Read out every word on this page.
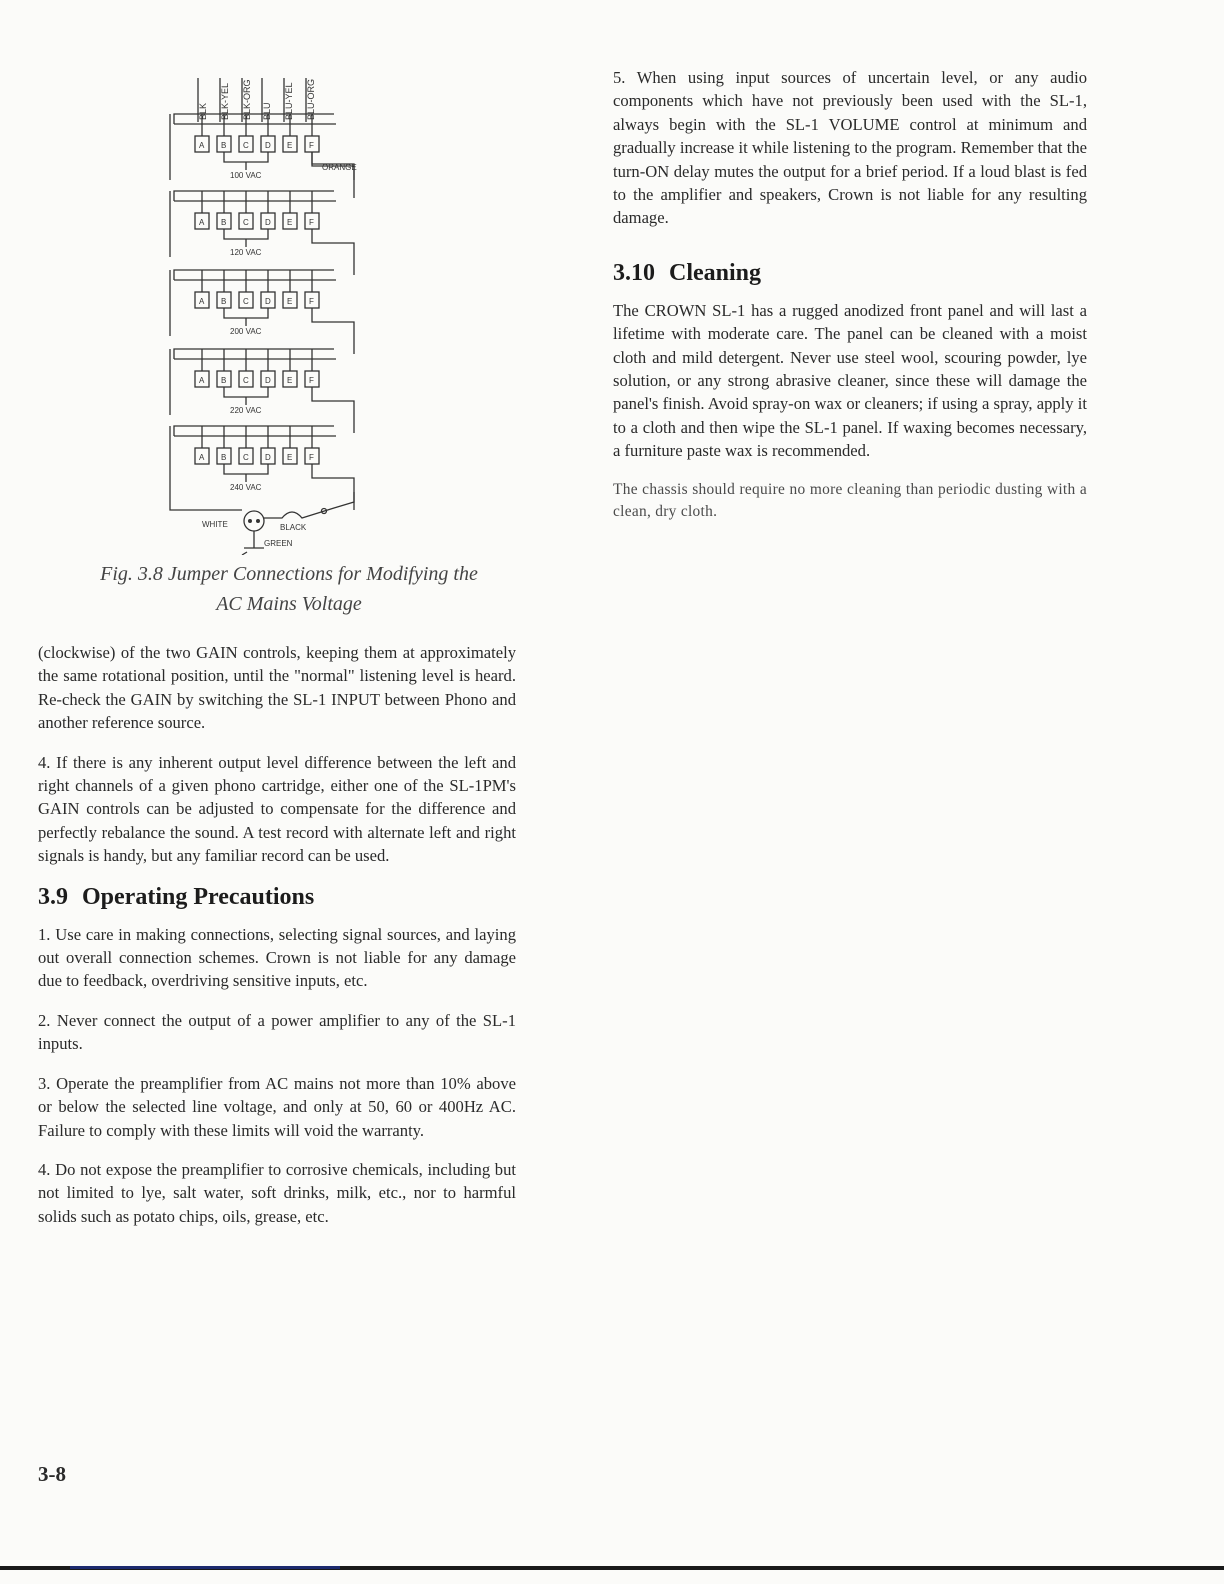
BLK BLK-YEL BLK-ORG BLU BLU-YEL BLU-ORG
A B C D E F
100 VAC
A B C D E F
120 VAC
A B C D E F
200 VAC
A B C D E F
220 VAC
A B C D E F
240 VAC
ORANGE
WHITE	BLACK
GREEN
Fig. 3.8 Jumper Connections for Modifying the
AC Mains Voltage

(clockwise) of the two GAIN controls, keeping them at approximately the same rotational position, until the "normal" listening level is heard. Re-check the GAIN by switching the SL-1 INPUT between Phono and another reference source.

4. If there is any inherent output level difference between the left and right channels of a given phono cartridge, either one of the SL-1PM's GAIN controls can be adjusted to compensate for the difference and perfectly rebalance the sound. A test record with alternate left and right signals is handy, but any familiar record can be used.

3.9 Operating Precautions

1. Use care in making connections, selecting signal sources, and laying out overall connection schemes. Crown is not liable for any damage due to feedback, overdriving sensitive inputs, etc.

2. Never connect the output of a power amplifier to any of the SL-1 inputs.

3. Operate the preamplifier from AC mains not more than 10% above or below the selected line voltage, and only at 50, 60 or 400Hz AC. Failure to comply with these limits will void the warranty.

4. Do not expose the preamplifier to corrosive chemicals, including but not limited to lye, salt water, soft drinks, milk, etc., nor to harmful solids such as potato chips, oils, grease, etc.

5. When using input sources of uncertain level, or any audio components which have not previously been used with the SL-1, always begin with the SL-1 VOLUME control at minimum and gradually increase it while listening to the program. Remember that the turn-ON delay mutes the output for a brief period. If a loud blast is fed to the amplifier and speakers, Crown is not liable for any resulting damage.

3.10 Cleaning

The CROWN SL-1 has a rugged anodized front panel and will last a lifetime with moderate care. The panel can be cleaned with a moist cloth and mild detergent. Never use steel wool, scouring powder, lye solution, or any strong abrasive cleaner, since these will damage the panel's finish. Avoid spray-on wax or cleaners; if using a spray, apply it to a cloth and then wipe the SL-1 panel. If waxing becomes necessary, a furniture paste wax is recommended.

The chassis should require no more cleaning than periodic dusting with a clean, dry cloth.

3-8
